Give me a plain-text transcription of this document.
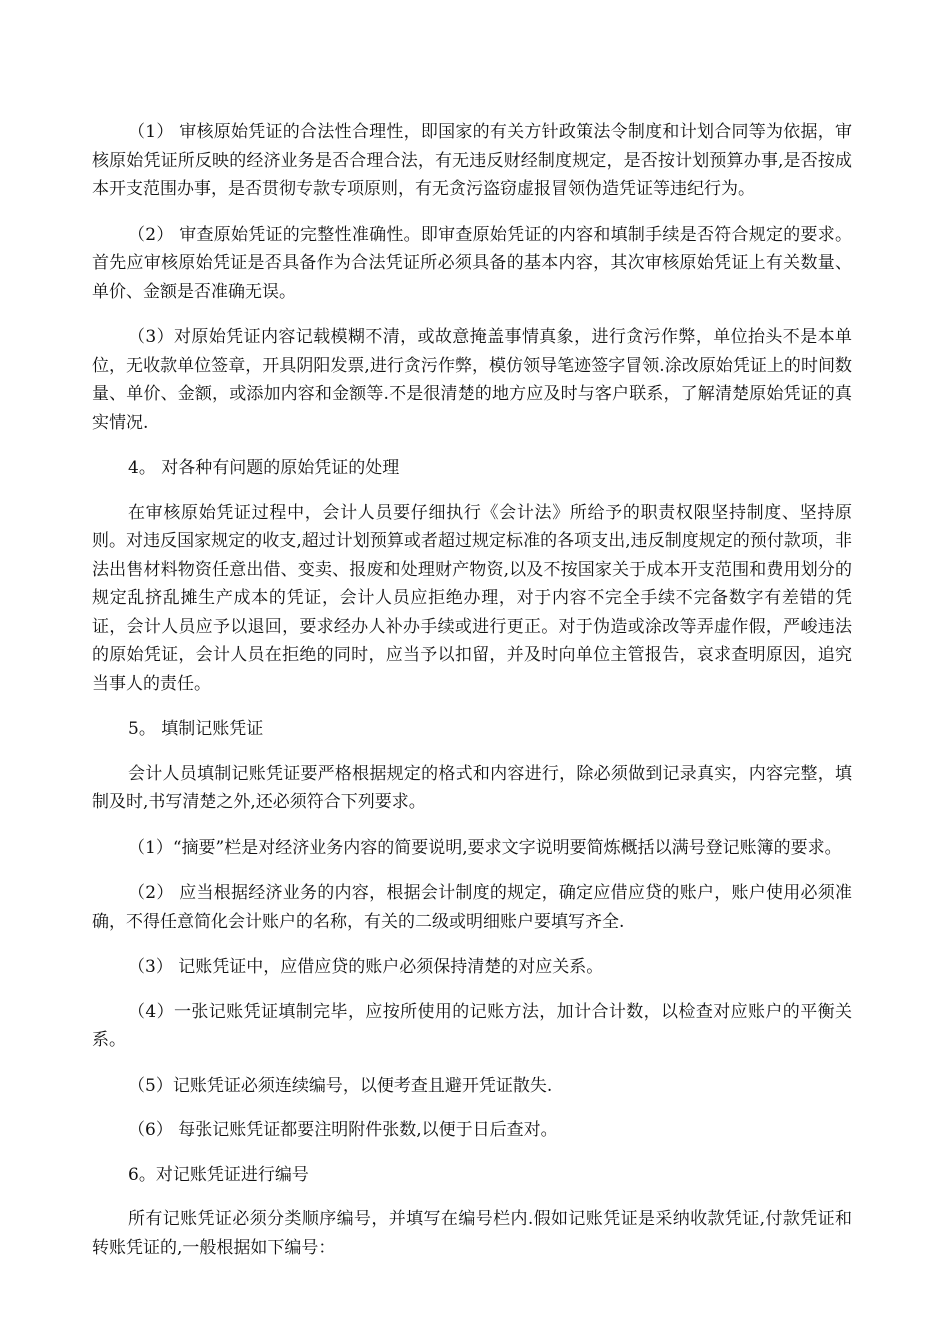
（1） 审核原始凭证的合法性合理性，即国家的有关方针政策法令制度和计划合同等为依据，审核原始凭证所反映的经济业务是否合理合法，有无违反财经制度规定，是否按计划预算办事,是否按成本开支范围办事，是否贯彻专款专项原则，有无贪污盗窃虚报冒领伪造凭证等违纪行为。

（2） 审查原始凭证的完整性准确性。即审查原始凭证的内容和填制手续是否符合规定的要求。首先应审核原始凭证是否具备作为合法凭证所必须具备的基本内容，其次审核原始凭证上有关数量、单价、金额是否准确无误。

（3）对原始凭证内容记载模糊不清，或故意掩盖事情真象，进行贪污作弊，单位抬头不是本单位，无收款单位签章，开具阴阳发票,进行贪污作弊，模仿领导笔迹签字冒领.涂改原始凭证上的时间数量、单价、金额，或添加内容和金额等.不是很清楚的地方应及时与客户联系，了解清楚原始凭证的真实情况.

4。 对各种有问题的原始凭证的处理

在审核原始凭证过程中，会计人员要仔细执行《会计法》所给予的职责权限坚持制度、坚持原则。对违反国家规定的收支,超过计划预算或者超过规定标准的各项支出,违反制度规定的预付款项，非法出售材料物资任意出借、变卖、报废和处理财产物资,以及不按国家关于成本开支范围和费用划分的规定乱挤乱摊生产成本的凭证，会计人员应拒绝办理，对于内容不完全手续不完备数字有差错的凭证，会计人员应予以退回，要求经办人补办手续或进行更正。对于伪造或涂改等弄虚作假，严峻违法的原始凭证，会计人员在拒绝的同时，应当予以扣留，并及时向单位主管报告，哀求查明原因，追究当事人的责任。

5。 填制记账凭证

会计人员填制记账凭证要严格根据规定的格式和内容进行，除必须做到记录真实，内容完整，填制及时,书写清楚之外,还必须符合下列要求。

（1）“摘要”栏是对经济业务内容的简要说明,要求文字说明要简炼概括以满号登记账簿的要求。

（2） 应当根据经济业务的内容，根据会计制度的规定，确定应借应贷的账户，账户使用必须准确，不得任意简化会计账户的名称，有关的二级或明细账户要填写齐全.

（3） 记账凭证中，应借应贷的账户必须保持清楚的对应关系。

（4）一张记账凭证填制完毕，应按所使用的记账方法，加计合计数，以检查对应账户的平衡关系。

（5）记账凭证必须连续编号，以便考查且避开凭证散失.

（6） 每张记账凭证都要注明附件张数,以便于日后查对。

6。对记账凭证进行编号

所有记账凭证必须分类顺序编号，并填写在编号栏内.假如记账凭证是采纳收款凭证,付款凭证和转账凭证的,一般根据如下编号：
